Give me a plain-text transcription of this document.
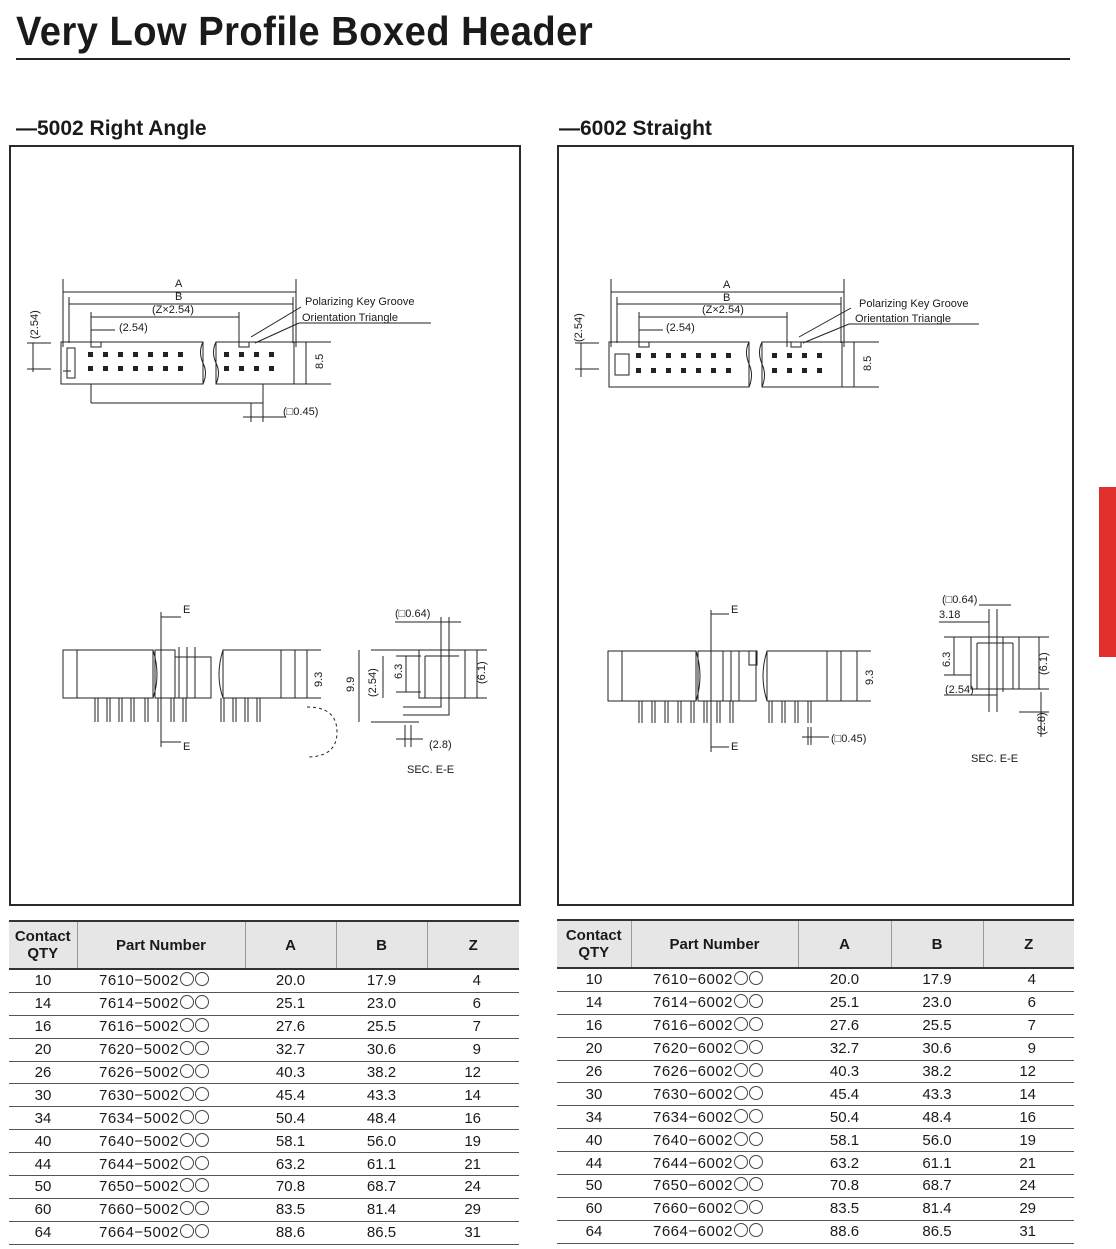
Very Low Profile Boxed Header
—5002 Right Angle
A
B
(Z×2.54)
(2.54)
Polarizing Key Groove
Orientation Triangle
(2.54)
8.5
(□0.45)
E
E
9.3
(□0.64)
9.9 (2.54) 6.3	(6.1)
(2.8)
SEC. E-E
Contact
QTY	Part Number	A	B	Z
10	7610−5002	20.0	17.9	4
14	7614−5002	25.1	23.0	6
16	7616−5002	27.6	25.5	7
20	7620−5002	32.7	30.6	9
26	7626−5002	40.3	38.2	12
30	7630−5002	45.4	43.3	14
34	7634−5002	50.4	48.4	16
40	7640−5002	58.1	56.0	19
44	7644−5002	63.2	61.1	21
50	7650−5002	70.8	68.7	24
60	7660−5002	83.5	81.4	29
64	7664−5002	88.6	86.5	31
—6002 Straight
A
B
(Z×2.54)
(2.54)
Polarizing Key Groove
Orientation Triangle
(2.54)
8.5
E
E
9.3
(□0.45)
(□0.64)
3.18
6.3	(6.1)
(2.54)
(2.8)
SEC. E-E
Contact
QTY	Part Number	A	B	Z
10	7610−6002	20.0	17.9	4
14	7614−6002	25.1	23.0	6
16	7616−6002	27.6	25.5	7
20	7620−6002	32.7	30.6	9
26	7626−6002	40.3	38.2	12
30	7630−6002	45.4	43.3	14
34	7634−6002	50.4	48.4	16
40	7640−6002	58.1	56.0	19
44	7644−6002	63.2	61.1	21
50	7650−6002	70.8	68.7	24
60	7660−6002	83.5	81.4	29
64	7664−6002	88.6	86.5	31
